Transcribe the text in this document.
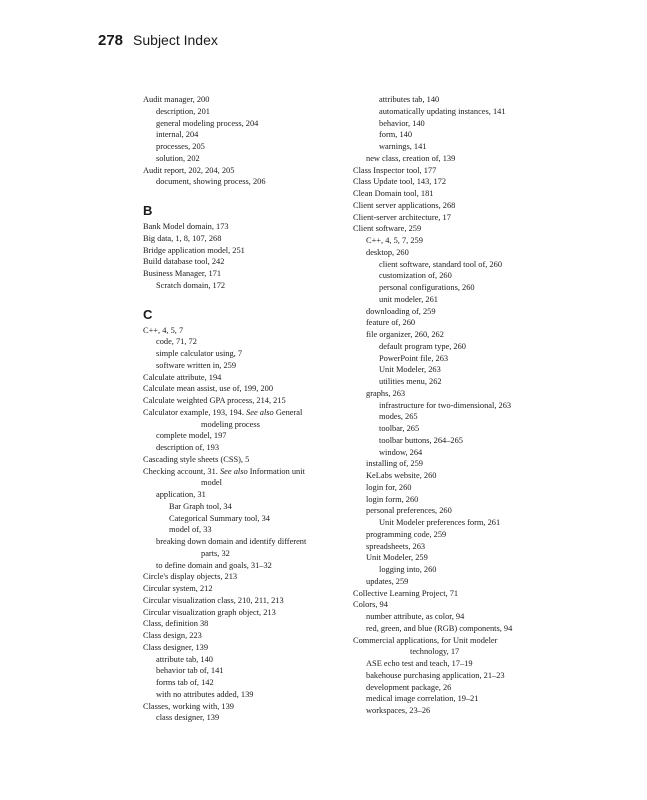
278 Subject Index
Audit manager, 200
description, 201
general modeling process, 204
internal, 204
processes, 205
solution, 202
Audit report, 202, 204, 205
document, showing process, 206
B
Bank Model domain, 173
Big data, 1, 8, 107, 268
Bridge application model, 251
Build database tool, 242
Business Manager, 171
Scratch domain, 172
C
C++, 4, 5, 7
code, 71, 72
simple calculator using, 7
software written in, 259
Calculate attribute, 194
Calculate mean assist, use of, 199, 200
Calculate weighted GPA process, 214, 215
Calculator example, 193, 194. See also General
modeling process
complete model, 197
description of, 193
Cascading style sheets (CSS), 5
Checking account, 31. See also Information unit
model
application, 31
Bar Graph tool, 34
Categorical Summary tool, 34
model of, 33
breaking down domain and identify different
parts, 32
to define domain and goals, 31–32
Circle's display objects, 213
Circular system, 212
Circular visualization class, 210, 211, 213
Circular visualization graph object, 213
Class, definition 38
Class design, 223
Class designer, 139
attribute tab, 140
behavior tab of, 141
forms tab of, 142
with no attributes added, 139
Classes, working with, 139
class designer, 139
attributes tab, 140
automatically updating instances, 141
behavior, 140
form, 140
warnings, 141
new class, creation of, 139
Class Inspector tool, 177
Class Update tool, 143, 172
Clean Domain tool, 181
Client server applications, 268
Client-server architecture, 17
Client software, 259
C++, 4, 5, 7, 259
desktop, 260
client software, standard tool of, 260
customization of, 260
personal configurations, 260
unit modeler, 261
downloading of, 259
feature of, 260
file organizer, 260, 262
default program type, 260
PowerPoint file, 263
Unit Modeler, 263
utilities menu, 262
graphs, 263
infrastructure for two-dimensional, 263
modes, 265
toolbar, 265
toolbar buttons, 264–265
window, 264
installing of, 259
KeLabs website, 260
login for, 260
login form, 260
personal preferences, 260
Unit Modeler preferences form, 261
programming code, 259
spreadsheets, 263
Unit Modeler, 259
logging into, 260
updates, 259
Collective Learning Project, 71
Colors, 94
number attribute, as color, 94
red, green, and blue (RGB) components, 94
Commercial applications, for Unit modeler
technology, 17
ASE echo test and teach, 17–19
bakehouse purchasing application, 21–23
development package, 26
medical image correlation, 19–21
workspaces, 23–26
